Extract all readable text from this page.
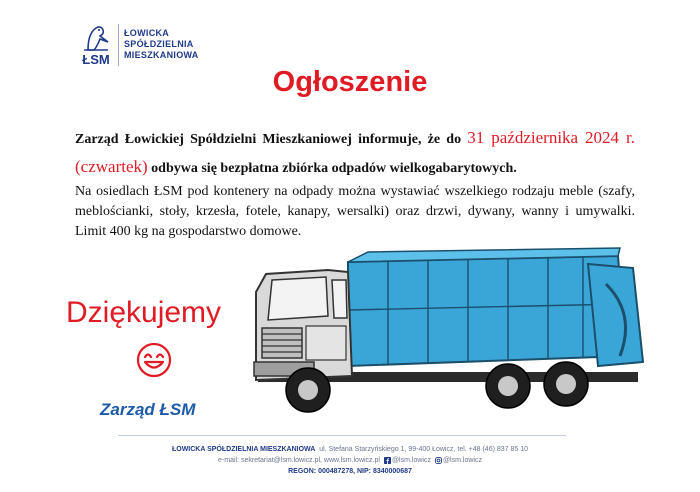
ŁSM
ŁOWICKA
SPÓŁDZIELNIA
MIESZKANIOWA
Ogłoszenie
Zarząd Łowickiej Spółdzielni Mieszkaniowej informuje, że do 31 października 2024 r. (czwartek) odbywa się bezpłatna zbiórka odpadów wielkogabarytowych.
Na osiedlach ŁSM pod kontenery na odpady można wystawiać wszelkiego rodzaju meble (szafy, meblościanki, stoły, krzesła, fotele, kanapy, wersalki) oraz drzwi, dywany, wanny i umywalki. Limit 400 kg na gospodarstwo domowe.
Dziękujemy
Zarząd ŁSM
ŁOWICKA SPÓŁDZIELNIA MIESZKANIOWA ul. Stefana Starzyńskiego 1, 99-400 Łowicz, tel. +48 (46) 837 85 10
e-mail: sekretariat@lsm.lowicz.pl, www.lsm.lowicz.pl @lsm.lowicz @lsm.lowicz
REGON: 000487278, NIP: 8340000687
